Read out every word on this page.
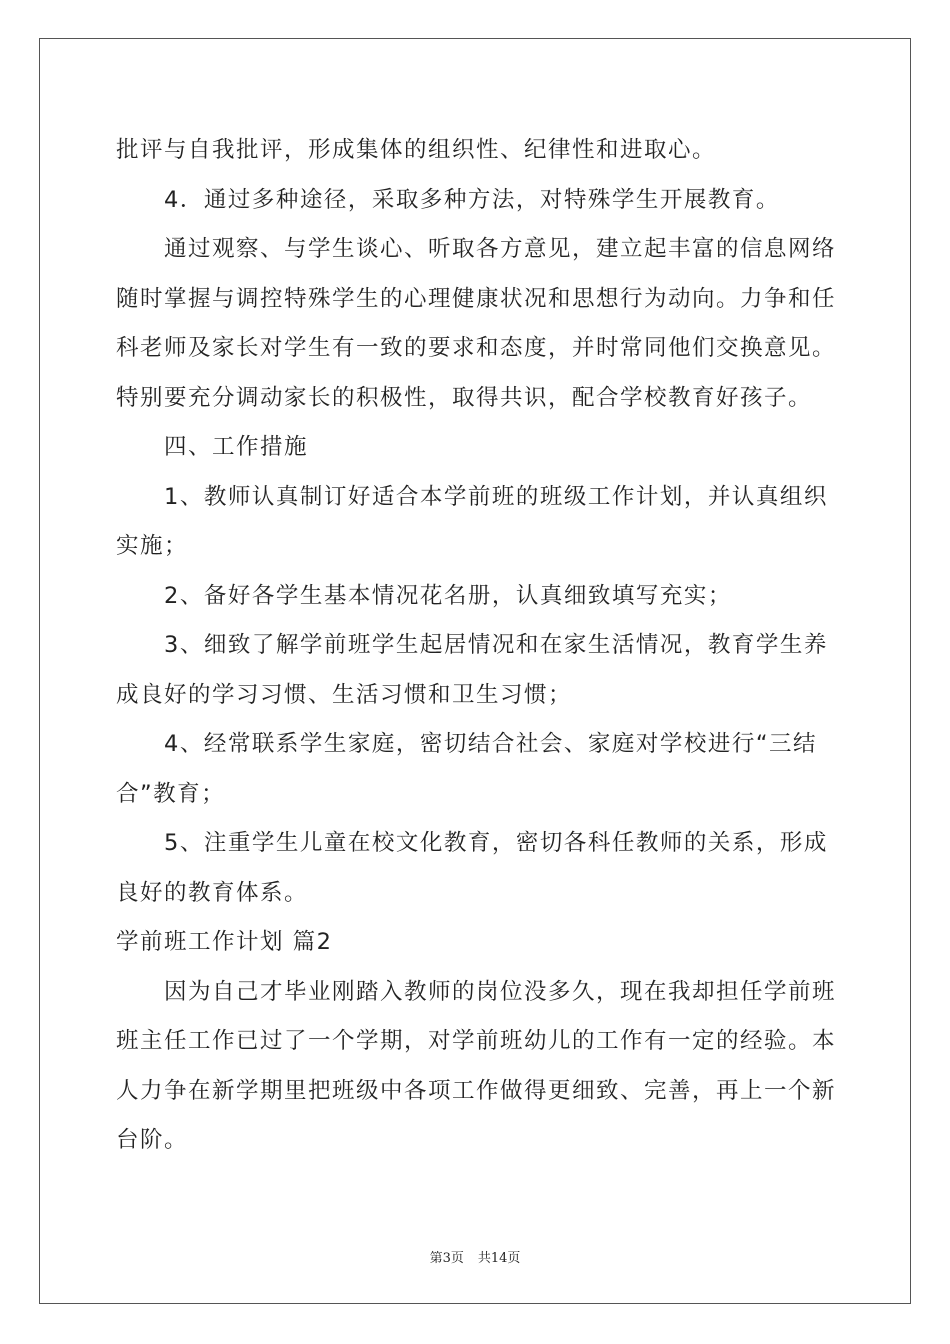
批评与自我批评，形成集体的组织性、纪律性和进取心。

4．通过多种途径，采取多种方法，对特殊学生开展教育。

通过观察、与学生谈心、听取各方意见，建立起丰富的信息网络

随时掌握与调控特殊学生的心理健康状况和思想行为动向。力争和任

科老师及家长对学生有一致的要求和态度，并时常同他们交换意见。

特别要充分调动家长的积极性，取得共识，配合学校教育好孩子。

四、工作措施

1、教师认真制订好适合本学前班的班级工作计划，并认真组织

实施；

2、备好各学生基本情况花名册，认真细致填写充实；

3、细致了解学前班学生起居情况和在家生活情况，教育学生养

成良好的学习习惯、生活习惯和卫生习惯；

4、经常联系学生家庭，密切结合社会、家庭对学校进行“三结

合”教育；

5、注重学生儿童在校文化教育，密切各科任教师的关系，形成

良好的教育体系。

学前班工作计划 篇2

因为自己才毕业刚踏入教师的岗位没多久，现在我却担任学前班

班主任工作已过了一个学期，对学前班幼儿的工作有一定的经验。本

人力争在新学期里把班级中各项工作做得更细致、完善，再上一个新

台阶。

第3页 共14页
